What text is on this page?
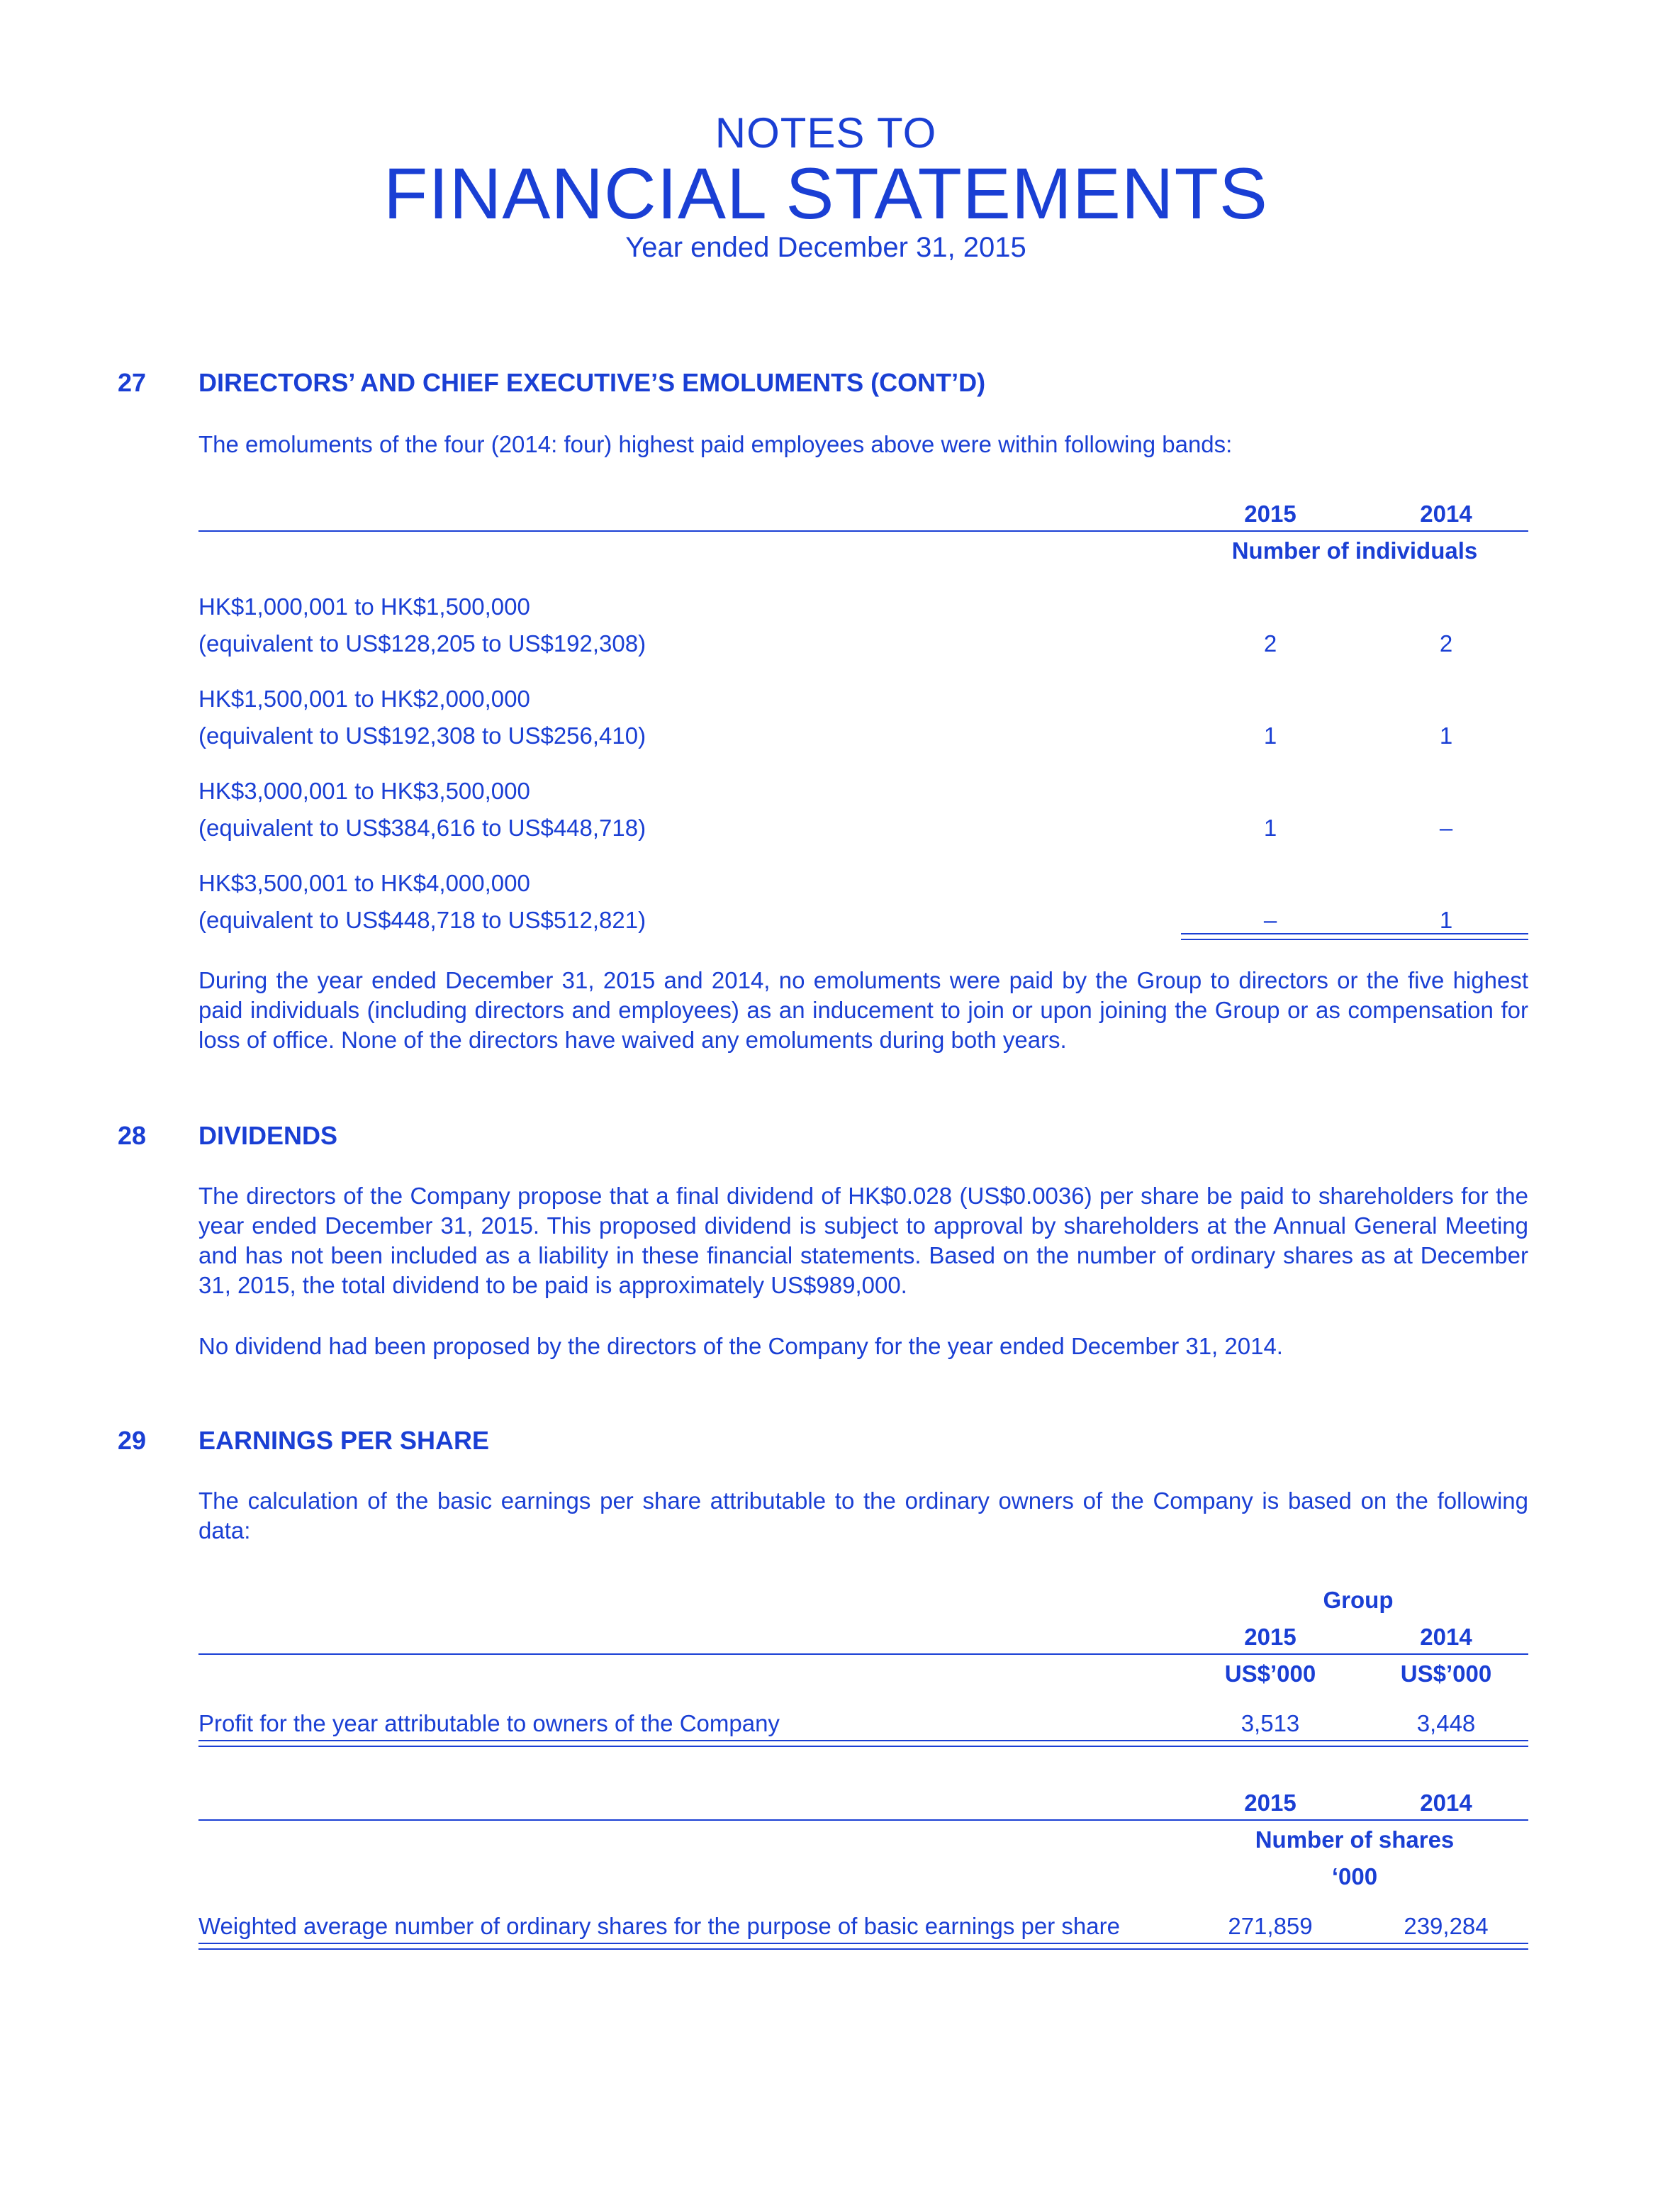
NOTES TO
FINANCIAL STATEMENTS
Year ended December 31, 2015
27 DIRECTORS’ AND CHIEF EXECUTIVE’S EMOLUMENTS (CONT’D)
The emoluments of the four (2014: four) highest paid employees above were within following bands:
2015	2014
Number of individuals
HK$1,000,001 to HK$1,500,000
(equivalent to US$128,205 to US$192,308)	2	2
HK$1,500,001 to HK$2,000,000
(equivalent to US$192,308 to US$256,410)	1	1
HK$3,000,001 to HK$3,500,000
(equivalent to US$384,616 to US$448,718)	1	–
HK$3,500,001 to HK$4,000,000
(equivalent to US$448,718 to US$512,821)	–	1
During the year ended December 31, 2015 and 2014, no emoluments were paid by the Group to directors or the five highest paid individuals (including directors and employees) as an inducement to join or upon joining the Group or as compensation for loss of office. None of the directors have waived any emoluments during both years.
28 DIVIDENDS
The directors of the Company propose that a final dividend of HK$0.028 (US$0.0036) per share be paid to shareholders for the year ended December 31, 2015. This proposed dividend is subject to approval by shareholders at the Annual General Meeting and has not been included as a liability in these financial statements. Based on the number of ordinary shares as at December 31, 2015, the total dividend to be paid is approximately US$989,000.
No dividend had been proposed by the directors of the Company for the year ended December 31, 2014.
29 EARNINGS PER SHARE
The calculation of the basic earnings per share attributable to the ordinary owners of the Company is based on the following data:
Group
2015	2014
US$’000	US$’000
Profit for the year attributable to owners of the Company	3,513	3,448
2015	2014
Number of shares
‘000
Weighted average number of ordinary shares for the purpose of basic earnings per share	271,859	239,284
